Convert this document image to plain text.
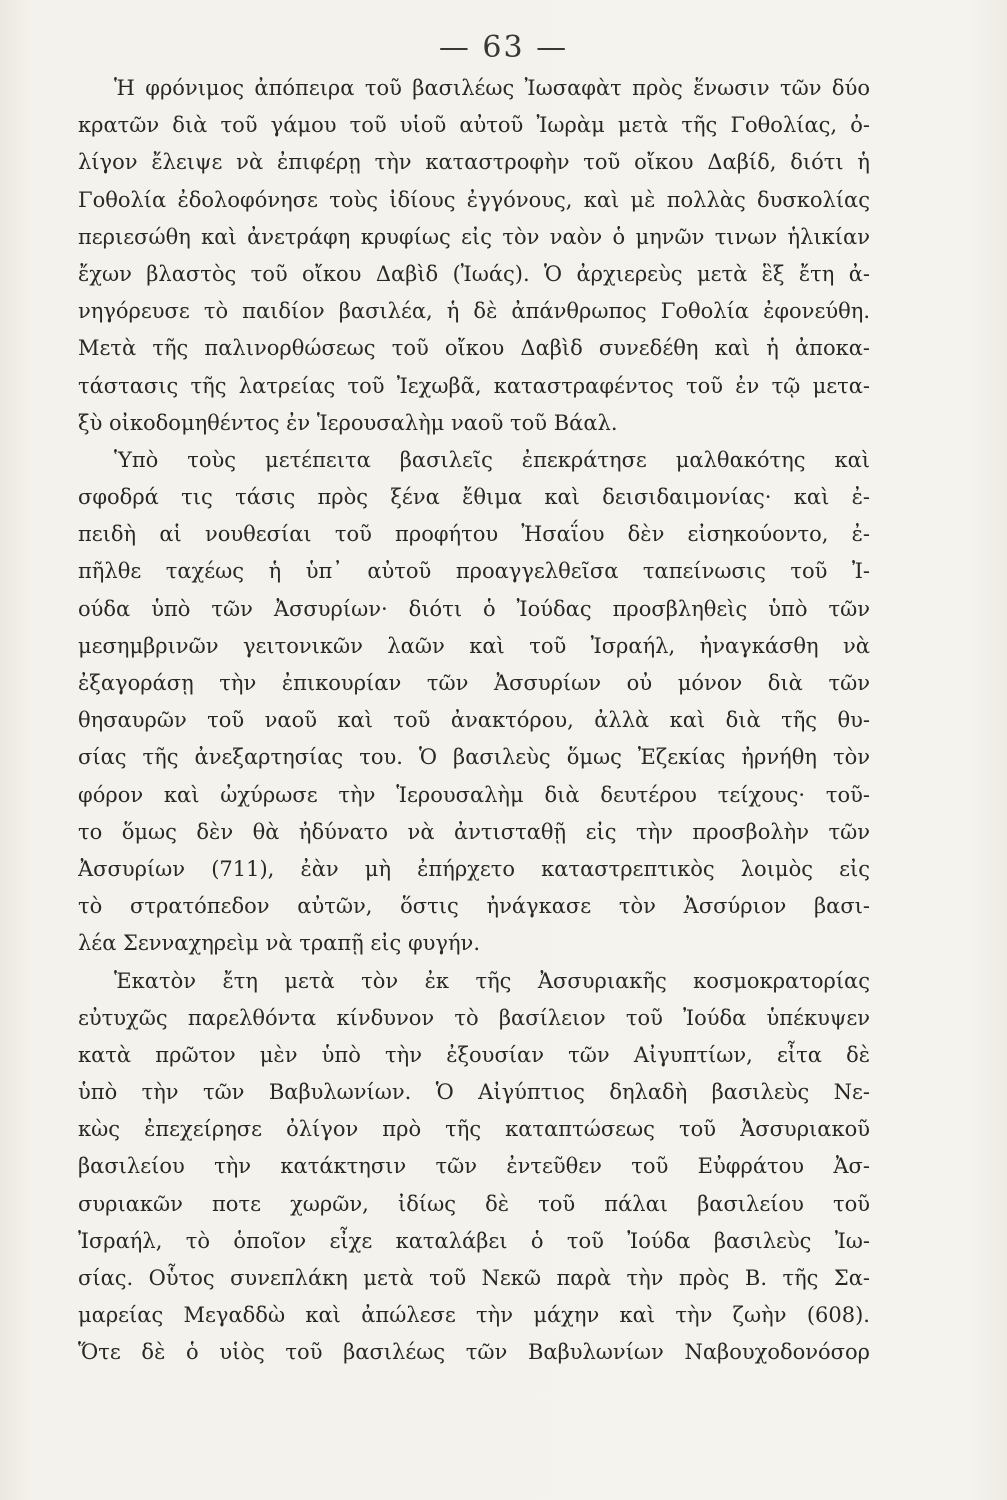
— 63 —
Ἡ φρόνιμος ἀπόπειρα τοῦ βασιλέως Ἰωσαφὰτ πρὸς ἕνωσιν τῶν δύο
κρατῶν διὰ τοῦ γάμου τοῦ υἱοῦ αὐτοῦ Ἰωρὰμ μετὰ τῆς Γοθολίας, ὀ-
λίγον ἔλειψε νὰ ἐπιφέρῃ τὴν καταστροφὴν τοῦ οἴκου Δαβίδ, διότι ἡ
Γοθολία ἐδολοφόνησε τοὺς ἰδίους ἐγγόνους, καὶ μὲ πολλὰς δυσκολίας
περιεσώθη καὶ ἀνετράφη κρυφίως εἰς τὸν ναὸν ὁ μηνῶν τινων ἡλικίαν
ἔχων βλαστὸς τοῦ οἴκου Δαβὶδ (Ἰωάς). Ὁ ἀρχιερεὺς μετὰ ἓξ ἔτη ἀ-
νηγόρευσε τὸ παιδίον βασιλέα, ἡ δὲ ἀπάνθρωπος Γοθολία ἐφονεύθη.
Μετὰ τῆς παλινορθώσεως τοῦ οἴκου Δαβὶδ συνεδέθη καὶ ἡ ἀποκα-
τάστασις τῆς λατρείας τοῦ Ἰεχωβᾶ, καταστραφέντος τοῦ ἐν τῷ μετα-
ξὺ οἰκοδομηθέντος ἐν Ἱερουσαλὴμ ναοῦ τοῦ Βάαλ.
Ὑπὸ τοὺς μετέπειτα βασιλεῖς ἐπεκράτησε μαλθακότης καὶ
σφοδρά τις τάσις πρὸς ξένα ἔθιμα καὶ δεισιδαιμονίας· καὶ ἐ-
πειδὴ αἱ νουθεσίαι τοῦ προφήτου Ἠσαΐου δὲν εἰσηκούοντο, ἐ-
πῆλθε ταχέως ἡ ὑπ᾽ αὐτοῦ προαγγελθεῖσα ταπείνωσις τοῦ Ἰ-
ούδα ὑπὸ τῶν Ἀσσυρίων· διότι ὁ Ἰούδας προσβληθεὶς ὑπὸ τῶν
μεσημβρινῶν γειτονικῶν λαῶν καὶ τοῦ Ἰσραήλ, ἠναγκάσθη νὰ
ἐξαγοράσῃ τὴν ἐπικουρίαν τῶν Ἀσσυρίων οὐ μόνον διὰ τῶν
θησαυρῶν τοῦ ναοῦ καὶ τοῦ ἀνακτόρου, ἀλλὰ καὶ διὰ τῆς θυ-
σίας τῆς ἀνεξαρτησίας του. Ὁ βασιλεὺς ὅμως Ἐζεκίας ἠρνήθη τὸν
φόρον καὶ ὠχύρωσε τὴν Ἱερουσαλὴμ διὰ δευτέρου τείχους· τοῦ-
το ὅμως δὲν θὰ ἠδύνατο νὰ ἀντισταθῇ εἰς τὴν προσβολὴν τῶν
Ἀσσυρίων (711), ἐὰν μὴ ἐπήρχετο καταστρεπτικὸς λοιμὸς εἰς
τὸ στρατόπεδον αὐτῶν, ὅστις ἠνάγκασε τὸν Ἀσσύριον βασι-
λέα Σενναχηρεὶμ νὰ τραπῇ εἰς φυγήν.
Ἑκατὸν ἔτη μετὰ τὸν ἐκ τῆς Ἀσσυριακῆς κοσμοκρατορίας
εὐτυχῶς παρελθόντα κίνδυνον τὸ βασίλειον τοῦ Ἰούδα ὑπέκυψεν
κατὰ πρῶτον μὲν ὑπὸ τὴν ἐξουσίαν τῶν Αἰγυπτίων, εἶτα δὲ
ὑπὸ τὴν τῶν Βαβυλωνίων. Ὁ Αἰγύπτιος δηλαδὴ βασιλεὺς Νε-
κὼς ἐπεχείρησε ὀλίγον πρὸ τῆς καταπτώσεως τοῦ Ἀσσυριακοῦ
βασιλείου τὴν κατάκτησιν τῶν ἐντεῦθεν τοῦ Εὐφράτου Ἀσ-
συριακῶν ποτε χωρῶν, ἰδίως δὲ τοῦ πάλαι βασιλείου τοῦ
Ἰσραήλ, τὸ ὁποῖον εἶχε καταλάβει ὁ τοῦ Ἰούδα βασιλεὺς Ἰω-
σίας. Οὗτος συνεπλάκη μετὰ τοῦ Νεκῶ παρὰ τὴν πρὸς Β. τῆς Σα-
μαρείας Μεγαδδὼ καὶ ἀπώλεσε τὴν μάχην καὶ τὴν ζωὴν (608).
Ὅτε δὲ ὁ υἱὸς τοῦ βασιλέως τῶν Βαβυλωνίων Ναβουχοδονόσορ
